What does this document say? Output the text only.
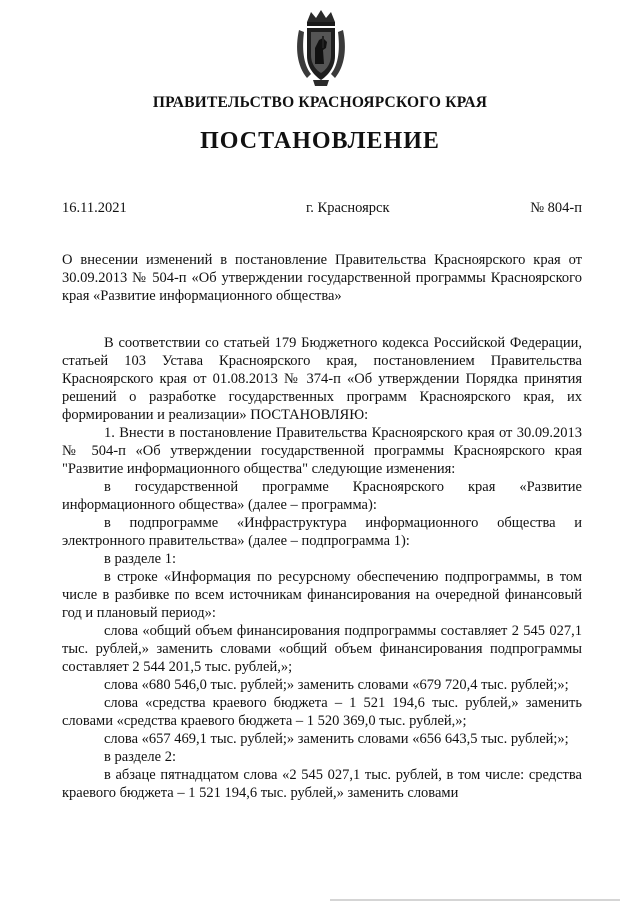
ПРАВИТЕЛЬСТВО КРАСНОЯРСКОГО КРАЯ
ПОСТАНОВЛЕНИЕ
16.11.2021	г. Красноярск	№ 804-п
О внесении изменений в постановление Правительства Красноярского края от 30.09.2013 № 504-п «Об утверждении государственной программы Красноярского края «Развитие информационного общества»

В соответствии со статьей 179 Бюджетного кодекса Российской Федерации, статьей 103 Устава Красноярского края, постановлением Правительства Красноярского края от 01.08.2013 № 374-п «Об утверждении Порядка принятия решений о разработке государственных программ Красноярского края, их формировании и реализации» ПОСТАНОВЛЯЮ:

1. Внести в постановление Правительства Красноярского края от 30.09.2013 № 504-п «Об утверждении государственной программы Красноярского края "Развитие информационного общества" следующие изменения:

в государственной программе Красноярского края «Развитие информационного общества» (далее – программа):

в подпрограмме «Инфраструктура информационного общества и электронного правительства» (далее – подпрограмма 1):

в разделе 1:

в строке «Информация по ресурсному обеспечению подпрограммы, в том числе в разбивке по всем источникам финансирования на очередной финансовый год и плановый период»:

слова «общий объем финансирования подпрограммы составляет 2 545 027,1 тыс. рублей,» заменить словами «общий объем финансирования подпрограммы составляет 2 544 201,5 тыс. рублей,»;

слова «680 546,0 тыс. рублей;» заменить словами «679 720,4 тыс. рублей;»;

слова «средства краевого бюджета – 1 521 194,6 тыс. рублей,» заменить словами «средства краевого бюджета – 1 520 369,0 тыс. рублей,»;

слова «657 469,1 тыс. рублей;» заменить словами «656 643,5 тыс. рублей;»;

в разделе 2:

в абзаце пятнадцатом слова «2 545 027,1 тыс. рублей, в том числе: средства краевого бюджета – 1 521 194,6 тыс. рублей,» заменить словами
